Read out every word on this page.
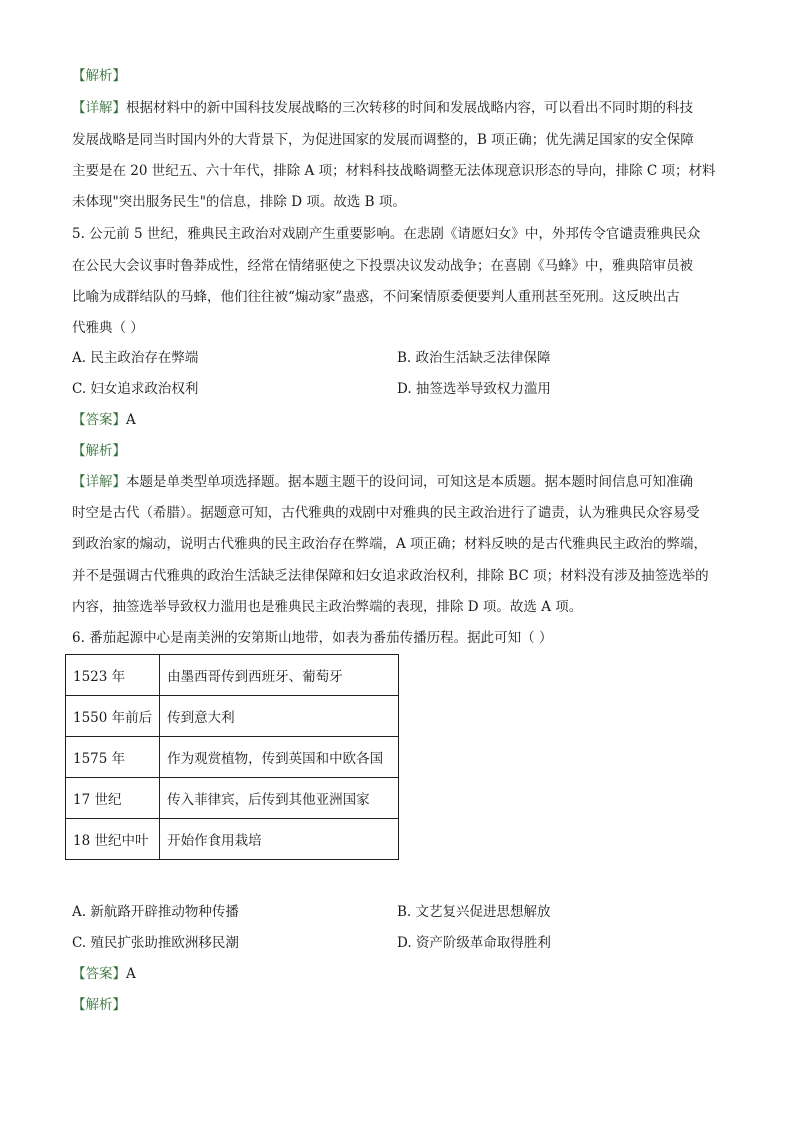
【解析】
【详解】根据材料中的新中国科技发展战略的三次转移的时间和发展战略内容，可以看出不同时期的科技
发展战略是同当时国内外的大背景下，为促进国家的发展而调整的，B 项正确；优先满足国家的安全保障
主要是在 20 世纪五、六十年代，排除 A 项；材料科技战略调整无法体现意识形态的导向，排除 C 项；材料
未体现"突出服务民生"的信息，排除 D 项。故选 B 项。
5. 公元前 5 世纪，雅典民主政治对戏剧产生重要影响。在悲剧《请愿妇女》中，外邦传令官谴责雅典民众
在公民大会议事时鲁莽成性，经常在情绪驱使之下投票决议发动战争；在喜剧《马蜂》中，雅典陪审员被
比喻为成群结队的马蜂，他们往往被“煽动家”蛊惑，不问案情原委便要判人重刑甚至死刑。这反映出古
代雅典（ ）
A. 民主政治存在弊端	B. 政治生活缺乏法律保障
C. 妇女追求政治权利	D. 抽签选举导致权力滥用
【答案】A
【解析】
【详解】本题是单类型单项选择题。据本题主题干的设问词，可知这是本质题。据本题时间信息可知准确
时空是古代（希腊）。据题意可知，古代雅典的戏剧中对雅典的民主政治进行了谴责，认为雅典民众容易受
到政治家的煽动，说明古代雅典的民主政治存在弊端，A 项正确；材料反映的是古代雅典民主政治的弊端，
并不是强调古代雅典的政治生活缺乏法律保障和妇女追求政治权利，排除 BC 项；材料没有涉及抽签选举的
内容，抽签选举导致权力滥用也是雅典民主政治弊端的表现，排除 D 项。故选 A 项。
6. 番茄起源中心是南美洲的安第斯山地带，如表为番茄传播历程。据此可知（ ）
1523 年	由墨西哥传到西班牙、葡萄牙
1550 年前后	传到意大利
1575 年	作为观赏植物，传到英国和中欧各国
17 世纪	传入菲律宾，后传到其他亚洲国家
18 世纪中叶	开始作食用栽培
A. 新航路开辟推动物种传播	B. 文艺复兴促进思想解放
C. 殖民扩张助推欧洲移民潮	D. 资产阶级革命取得胜利
【答案】A
【解析】
